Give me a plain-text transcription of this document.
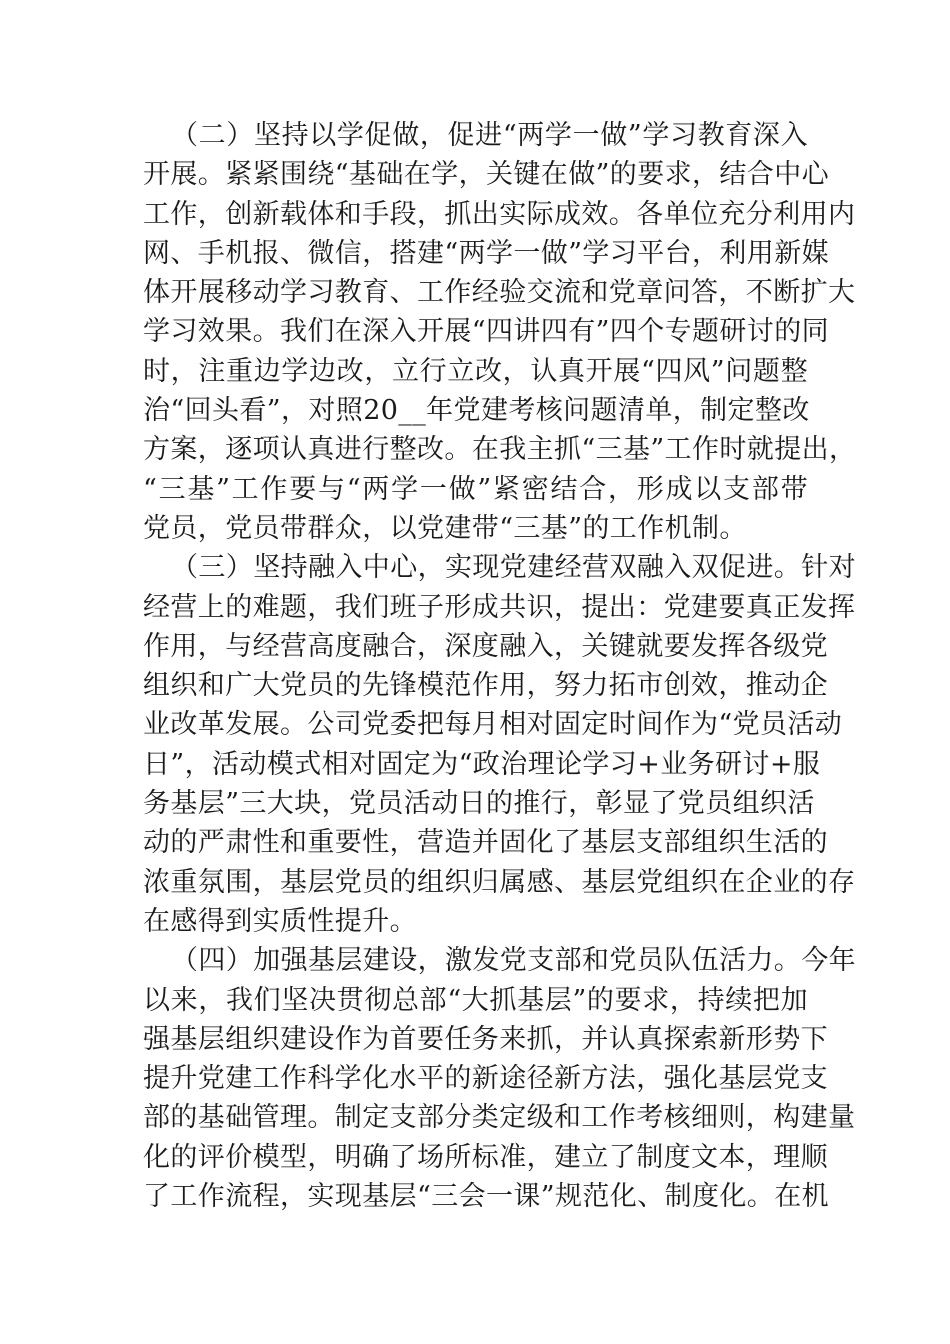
（二）坚持以学促做，促进“两学一做”学习教育深入
开展。紧紧围绕“基础在学，关键在做”的要求，结合中心
工作，创新载体和手段，抓出实际成效。各单位充分利用内
网、手机报、微信，搭建“两学一做”学习平台，利用新媒
体开展移动学习教育、工作经验交流和党章问答，不断扩大
学习效果。我们在深入开展“四讲四有”四个专题研讨的同
时，注重边学边改，立行立改，认真开展“四风”问题整
治“回头看”，对照20__年党建考核问题清单，制定整改
方案，逐项认真进行整改。在我主抓“三基”工作时就提出，
“三基”工作要与“两学一做”紧密结合，形成以支部带
党员，党员带群众，以党建带“三基”的工作机制。
（三）坚持融入中心，实现党建经营双融入双促进。针对
经营上的难题，我们班子形成共识，提出：党建要真正发挥
作用，与经营高度融合，深度融入，关键就要发挥各级党
组织和广大党员的先锋模范作用，努力拓市创效，推动企
业改革发展。公司党委把每月相对固定时间作为“党员活动
日”，活动模式相对固定为“政治理论学习+业务研讨+服
务基层”三大块，党员活动日的推行，彰显了党员组织活
动的严肃性和重要性，营造并固化了基层支部组织生活的
浓重氛围，基层党员的组织归属感、基层党组织在企业的存
在感得到实质性提升。
（四）加强基层建设，激发党支部和党员队伍活力。今年
以来，我们坚决贯彻总部“大抓基层”的要求，持续把加
强基层组织建设作为首要任务来抓，并认真探索新形势下
提升党建工作科学化水平的新途径新方法，强化基层党支
部的基础管理。制定支部分类定级和工作考核细则，构建量
化的评价模型，明确了场所标准，建立了制度文本，理顺
了工作流程，实现基层“三会一课”规范化、制度化。在机
